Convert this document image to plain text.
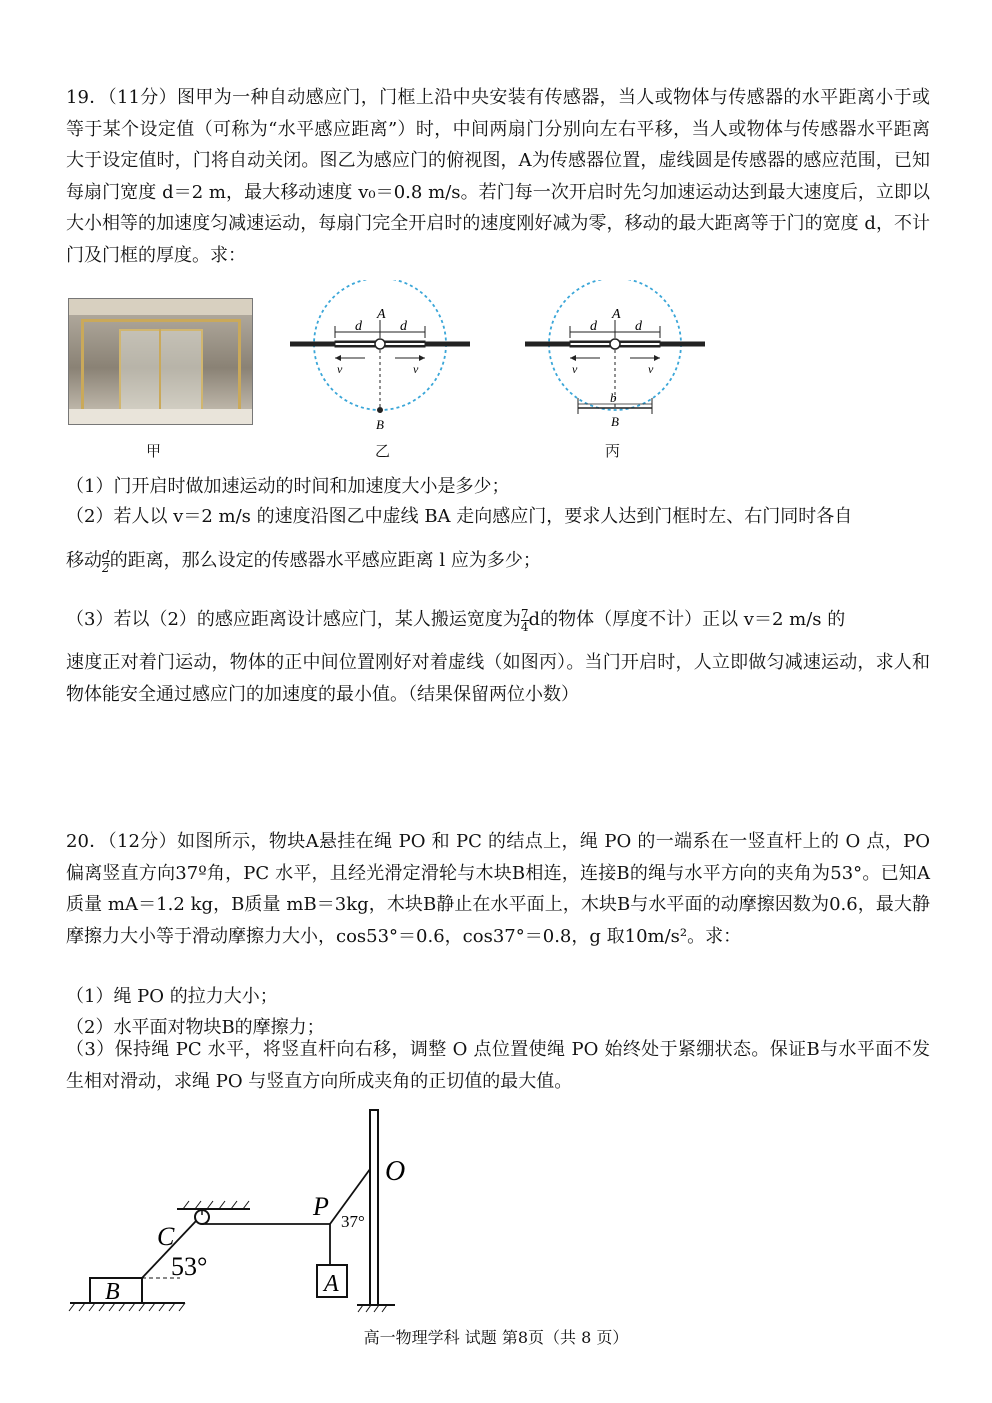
19．（11分）图甲为一种自动感应门，门框上沿中央安装有传感器，当人或物体与传感器的水平距离小于或等于某个设定值（可称为“水平感应距离”）时，中间两扇门分别向左右平移，当人或物体与传感器水平距离大于设定值时，门将自动关闭。图乙为感应门的俯视图，A为传感器位置，虚线圆是传感器的感应范围，已知每扇门宽度 d＝2 m，最大移动速度 v₀＝0.8 m/s。若门每一次开启时先匀加速运动达到最大速度后，立即以大小相等的加速度匀减速运动，每扇门完全开启时的速度刚好减为零，移动的最大距离等于门的宽度 d，不计门及门框的厚度。求：
甲
A
d	d
v	v
B
乙
A
d	d
v	v
b
B
丙
（1）门开启时做加速运动的时间和加速度大小是多少；
（2）若人以 v＝2 m/s 的速度沿图乙中虚线 BA 走向感应门，要求人达到门框时左、右门同时各自
移动 $\frac{d}{2}$ 的距离，那么设定的传感器水平感应距离 l 应为多少；
（3）若以（2）的感应距离设计感应门，某人搬运宽度为 $\frac{7}{4}$ d的物体（厚度不计）正以 v＝2 m/s 的
速度正对着门运动，物体的正中间位置刚好对着虚线（如图丙）。当门开启时，人立即做匀减速运动，求人和物体能安全通过感应门的加速度的最小值。（结果保留两位小数）
20．（12分）如图所示，物块A悬挂在绳 PO 和 PC 的结点上，绳 PO 的一端系在一竖直杆上的 O 点，PO 偏离竖直方向37º角，PC 水平，且经光滑定滑轮与木块B相连，连接B的绳与水平方向的夹角为53°。已知A质量 mA＝1.2 kg，B质量 mB＝3kg，木块B静止在水平面上，木块B与水平面的动摩擦因数为0.6，最大静摩擦力大小等于滑动摩擦力大小，cos53°＝0.6，cos37°＝0.8，g 取10m/s²。求：
（1）绳 PO 的拉力大小；
（2）水平面对物块B的摩擦力；
（3）保持绳 PC 水平，将竖直杆向右移，调整 O 点位置使绳 PO 始终处于紧绷状态。保证B与水平面不发生相对滑动，求绳 PO 与竖直方向所成夹角的正切值的最大值。
B
C
53°
O
P
37°
A
高一物理学科 试题 第8页（共 8 页）
